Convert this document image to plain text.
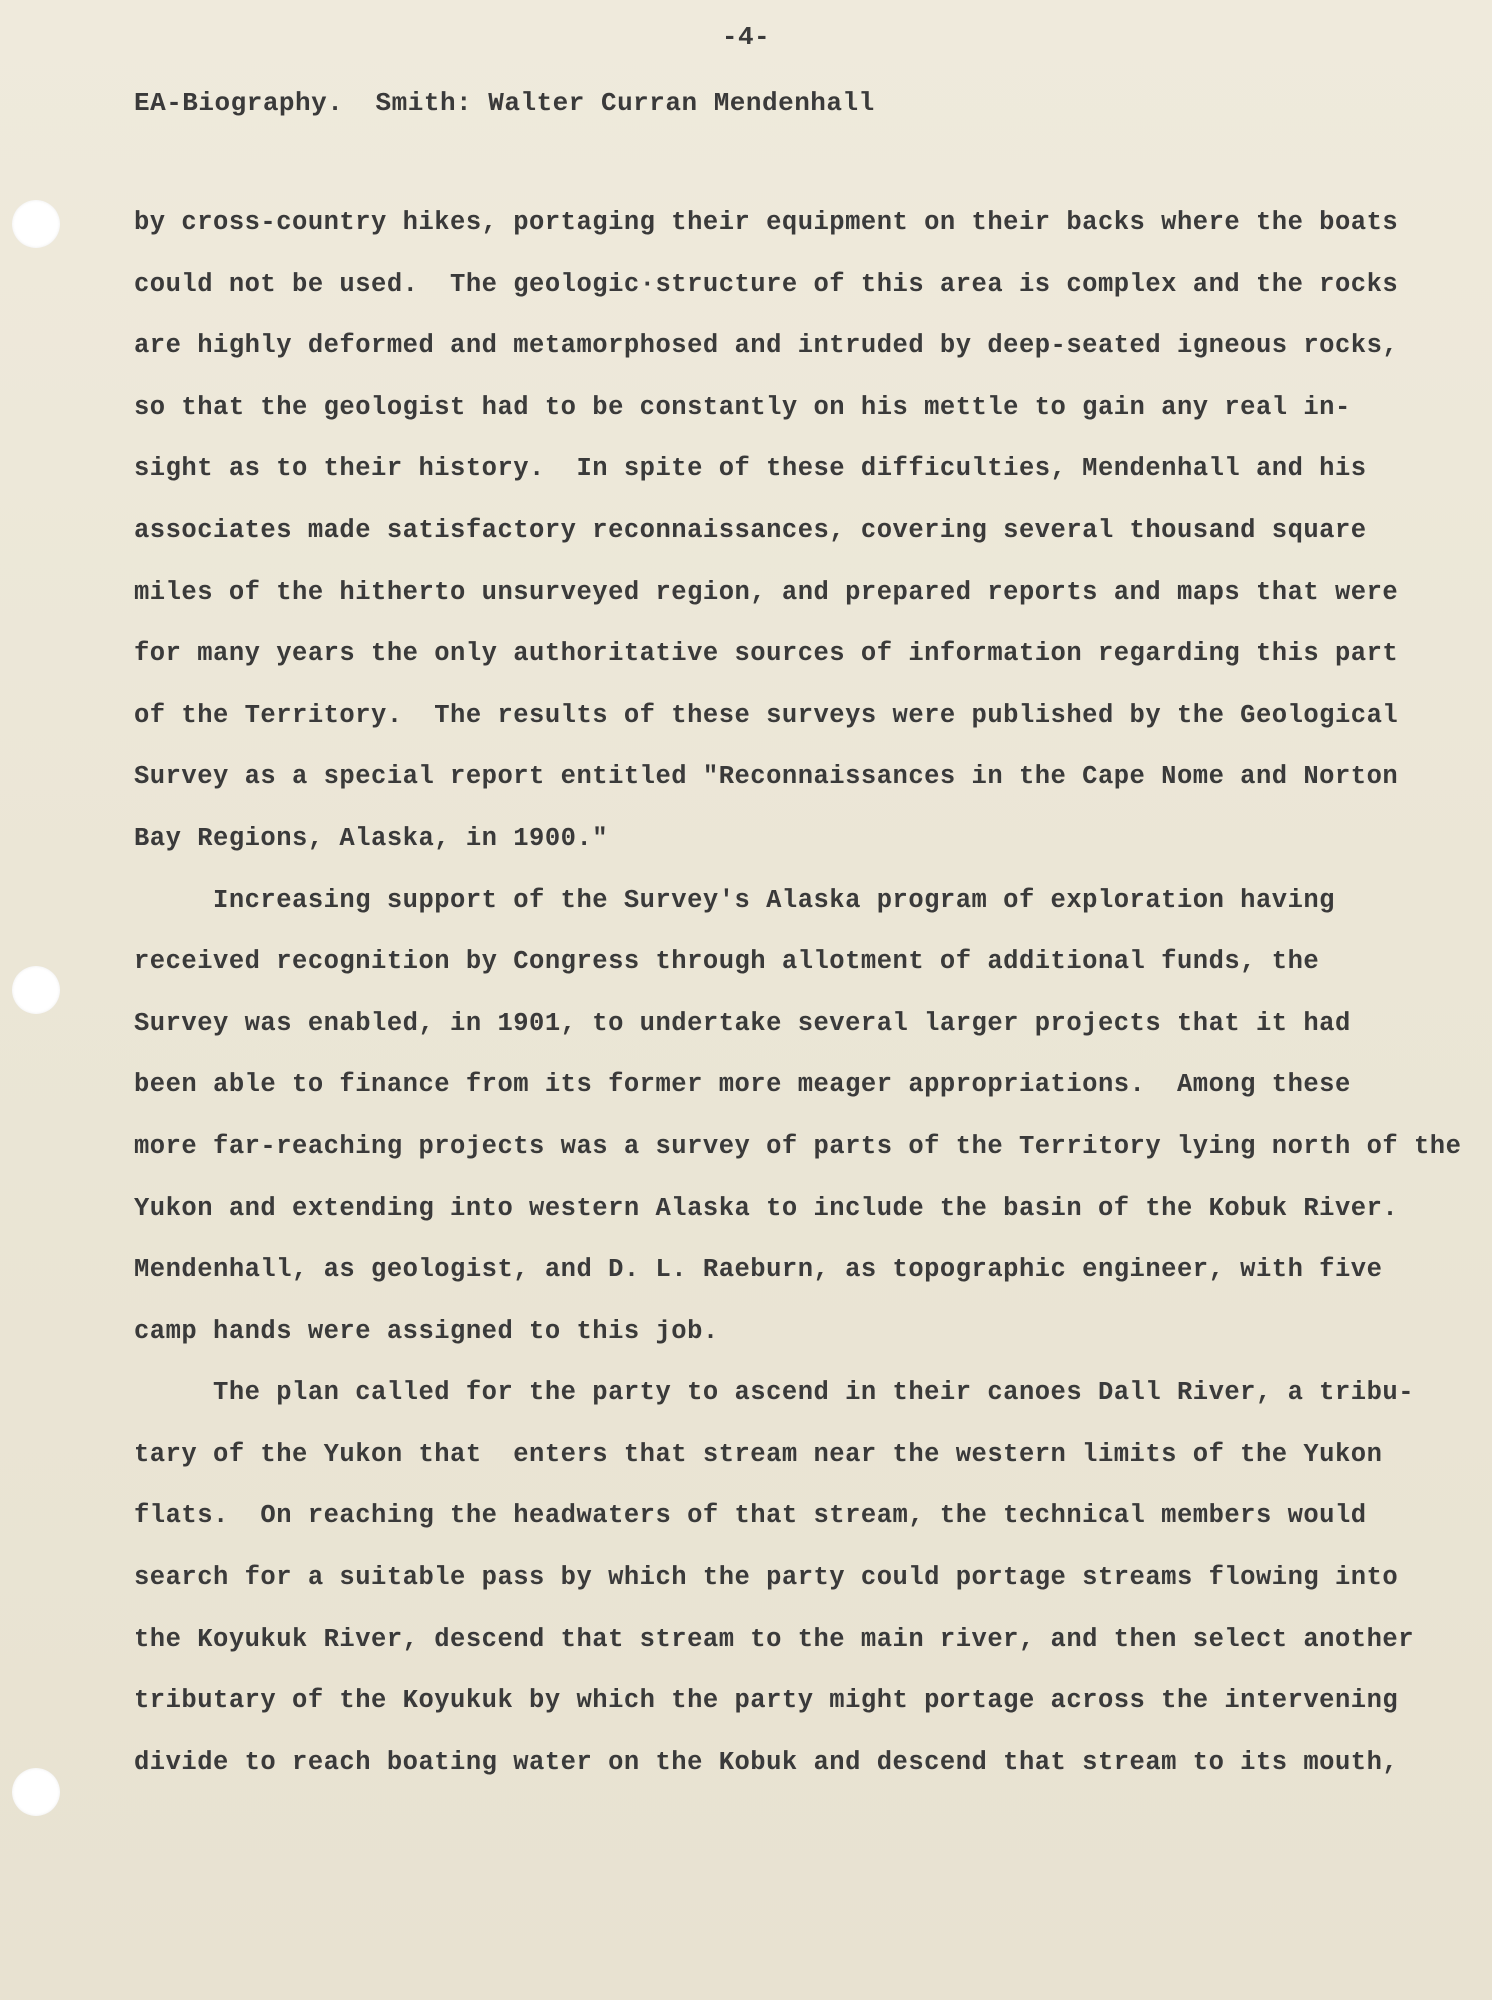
-4-
EA-Biography.  Smith: Walter Curran Mendenhall
by cross-country hikes, portaging their equipment on their backs where the boats
could not be used.  The geologic·structure of this area is complex and the rocks
are highly deformed and metamorphosed and intruded by deep-seated igneous rocks,
so that the geologist had to be constantly on his mettle to gain any real in-
sight as to their history.  In spite of these difficulties, Mendenhall and his
associates made satisfactory reconnaissances, covering several thousand square
miles of the hitherto unsurveyed region, and prepared reports and maps that were
for many years the only authoritative sources of information regarding this part
of the Territory.  The results of these surveys were published by the Geological
Survey as a special report entitled "Reconnaissances in the Cape Nome and Norton
Bay Regions, Alaska, in 1900."
Increasing support of the Survey's Alaska program of exploration having
received recognition by Congress through allotment of additional funds, the
Survey was enabled, in 1901, to undertake several larger projects that it had
been able to finance from its former more meager appropriations.  Among these
more far-reaching projects was a survey of parts of the Territory lying north of the
Yukon and extending into western Alaska to include the basin of the Kobuk River.
Mendenhall, as geologist, and D. L. Raeburn, as topographic engineer, with five
camp hands were assigned to this job.
The plan called for the party to ascend in their canoes Dall River, a tribu-
tary of the Yukon that  enters that stream near the western limits of the Yukon
flats.  On reaching the headwaters of that stream, the technical members would
search for a suitable pass by which the party could portage streams flowing into
the Koyukuk River, descend that stream to the main river, and then select another
tributary of the Koyukuk by which the party might portage across the intervening
divide to reach boating water on the Kobuk and descend that stream to its mouth,
